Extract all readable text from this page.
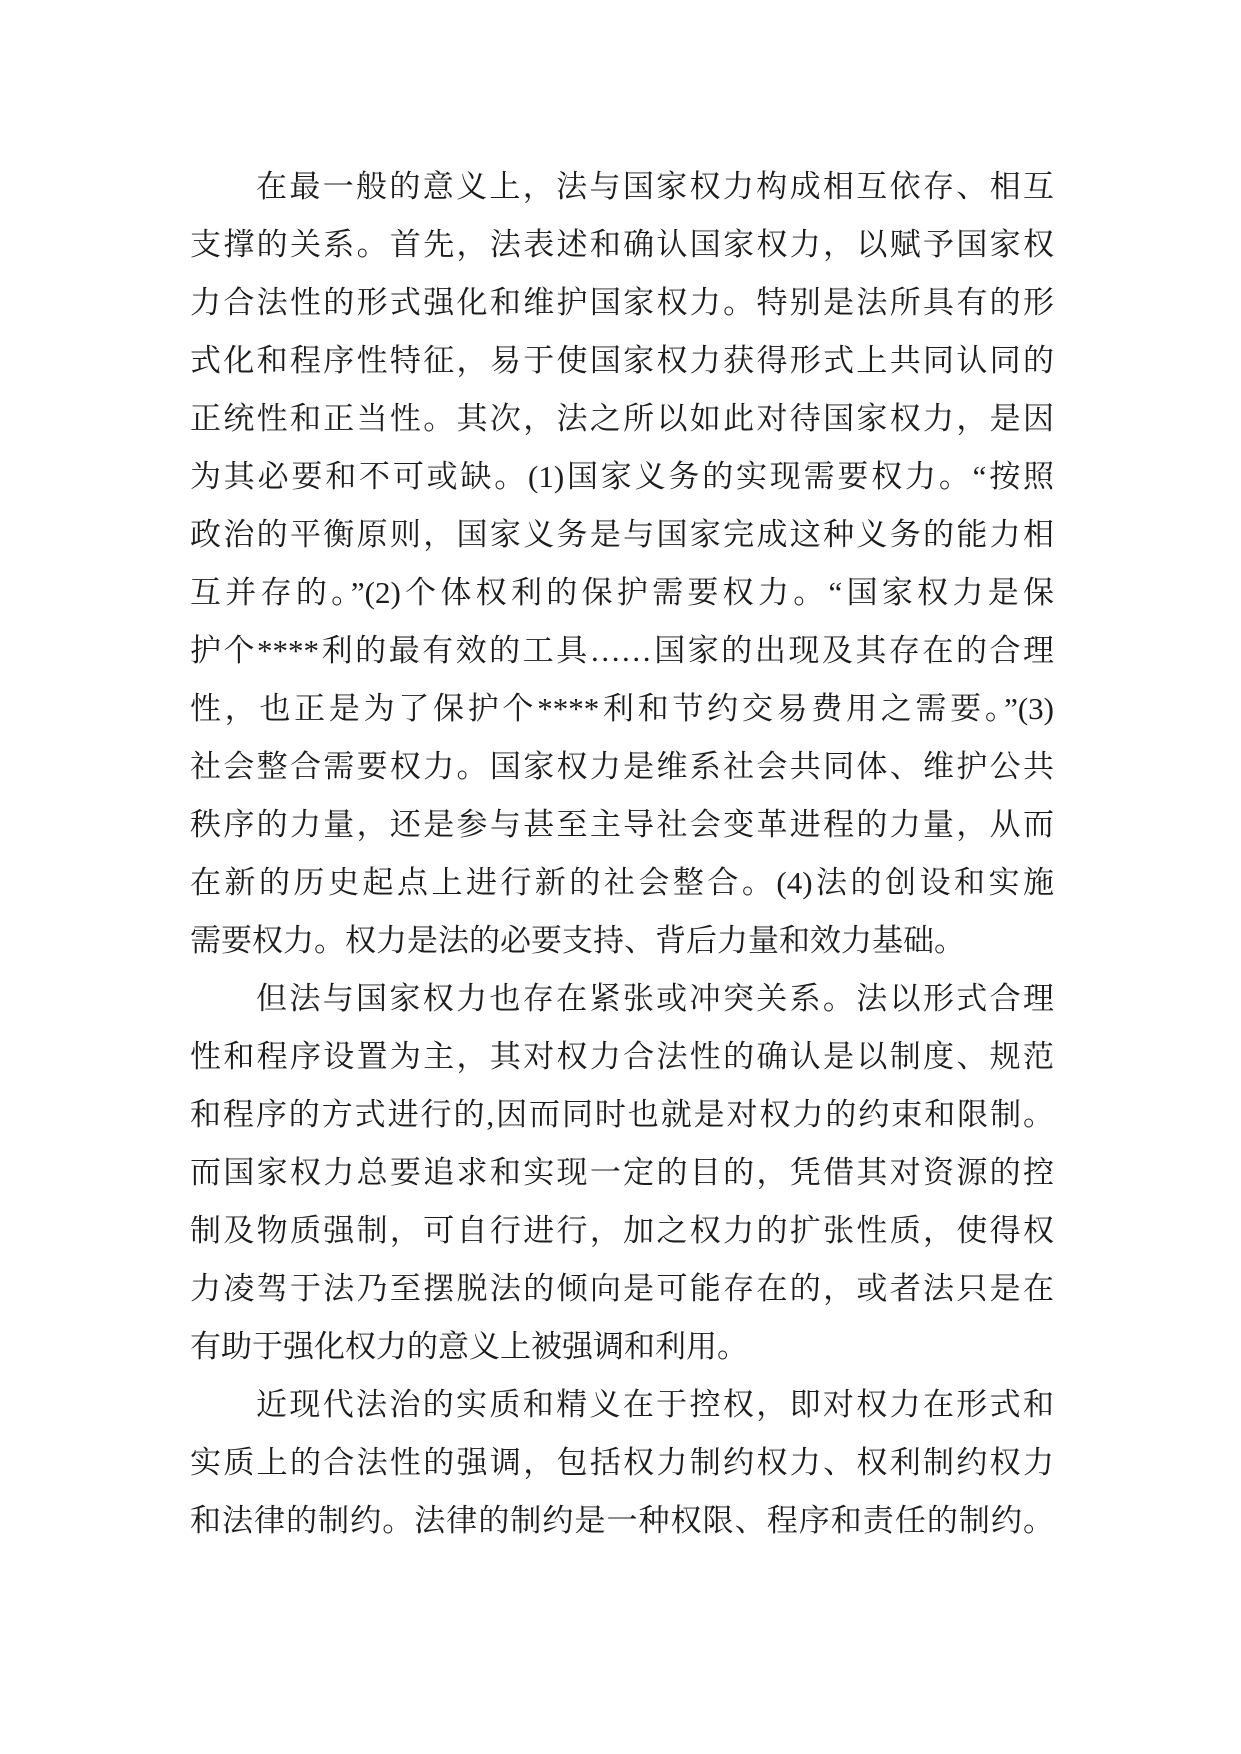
在最一般的意义上，法与国家权力构成相互依存、相互
支撑的关系。首先，法表述和确认国家权力，以赋予国家权
力合法性的形式强化和维护国家权力。特别是法所具有的形
式化和程序性特征，易于使国家权力获得形式上共同认同的
正统性和正当性。其次，法之所以如此对待国家权力，是因
为其必要和不可或缺。(1)国家义务的实现需要权力。“按照
政治的平衡原则，国家义务是与国家完成这种义务的能力相
互并存的。”(2)个体权利的保护需要权力。“国家权力是保
护个****利的最有效的工具……国家的出现及其存在的合理
性，也正是为了保护个****利和节约交易费用之需要。”(3)
社会整合需要权力。国家权力是维系社会共同体、维护公共
秩序的力量，还是参与甚至主导社会变革进程的力量，从而
在新的历史起点上进行新的社会整合。(4)法的创设和实施
需要权力。权力是法的必要支持、背后力量和效力基础。
但法与国家权力也存在紧张或冲突关系。法以形式合理
性和程序设置为主，其对权力合法性的确认是以制度、规范
和程序的方式进行的,因而同时也就是对权力的约束和限制。
而国家权力总要追求和实现一定的目的，凭借其对资源的控
制及物质强制，可自行进行，加之权力的扩张性质，使得权
力凌驾于法乃至摆脱法的倾向是可能存在的，或者法只是在
有助于强化权力的意义上被强调和利用。
近现代法治的实质和精义在于控权，即对权力在形式和
实质上的合法性的强调，包括权力制约权力、权利制约权力
和法律的制约。法律的制约是一种权限、程序和责任的制约。
